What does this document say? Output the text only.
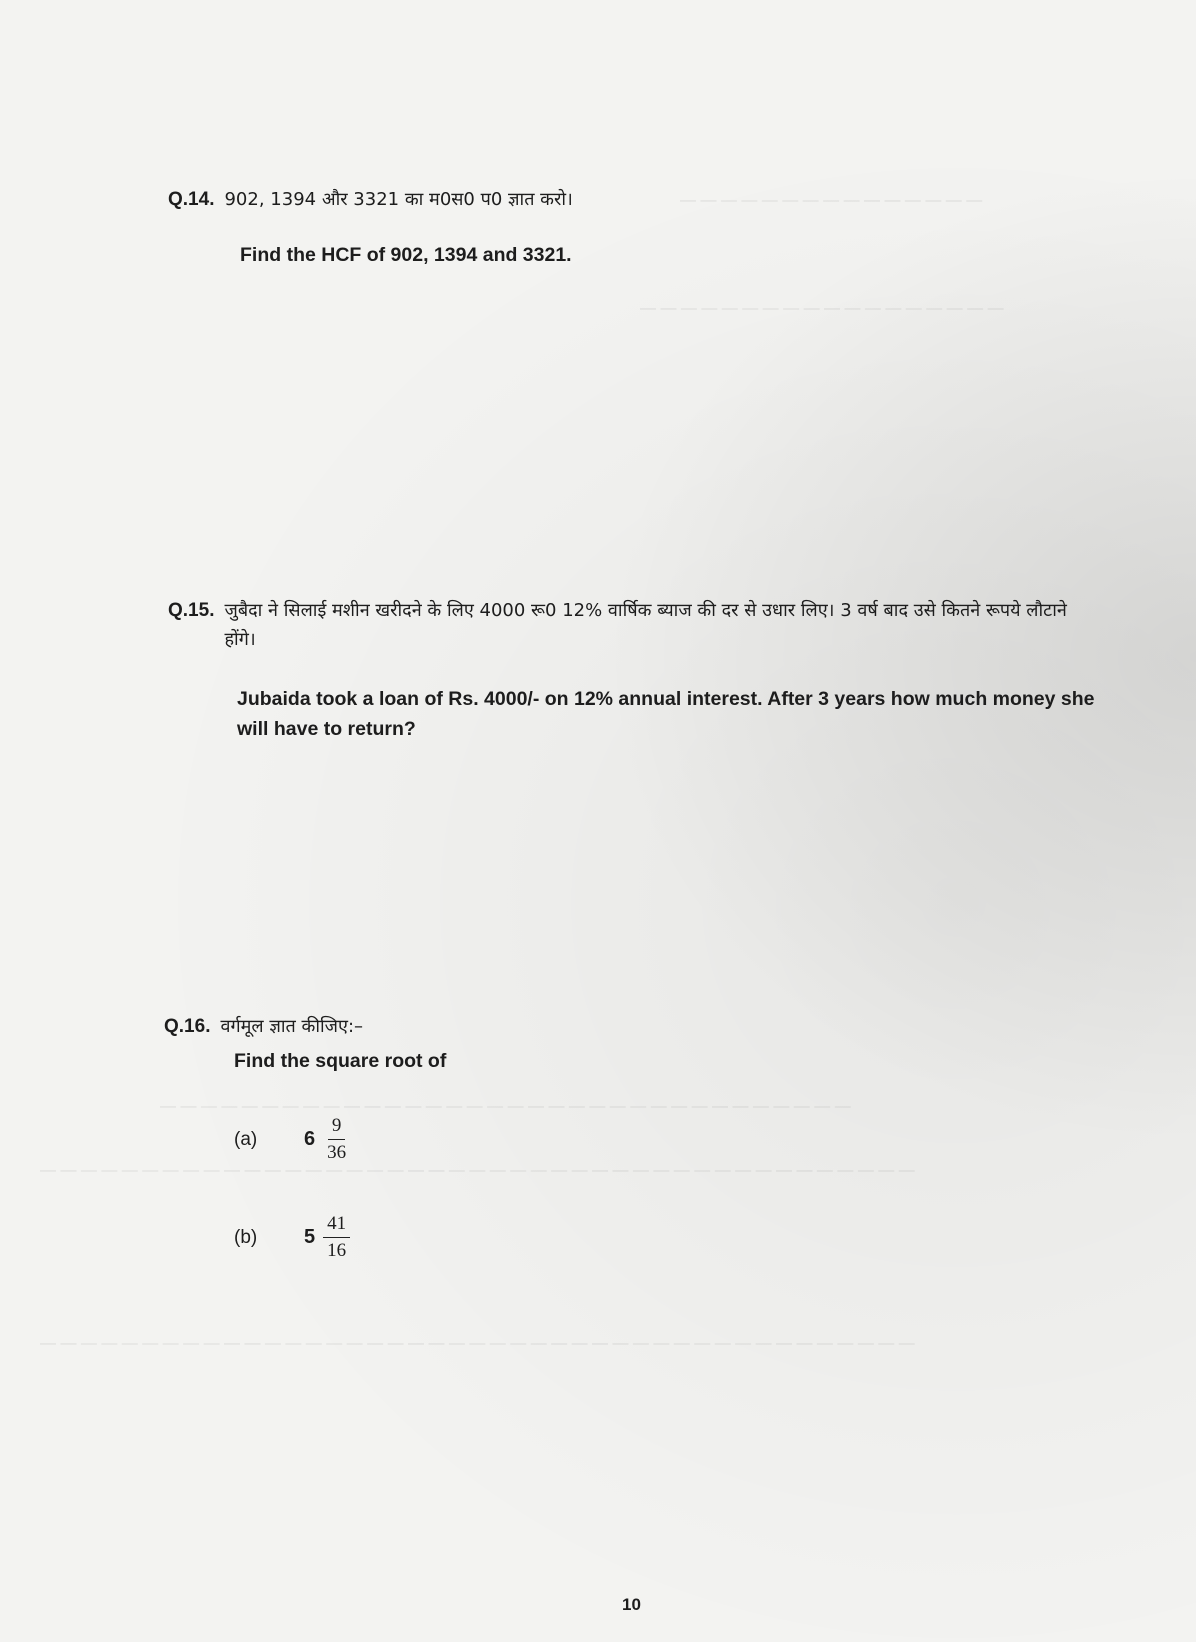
— — — — — — — — — — — — — — —
— — — — — — — — — — — — — — — — — —
— — — — — — — — — — — — — — — — — — — — — — — — — — — — — — — — — —
— — — — — — — — — — — — — — — — — — — — — — — — — — — — — — — — — — — — — — — — — — —
— — — — — — — — — — — — — — — — — — — — — — — — — — — — — — — — — — — — — — — — — — —
Q.14. 902, 1394 और 3321 का म0स0 प0 ज्ञात करो।
Find the HCF of 902, 1394 and 3321.
Q.15. जुबैदा ने सिलाई मशीन खरीदने के लिए 4000 रू0 12% वार्षिक ब्याज की दर से उधार लिए। 3 वर्ष बाद उसे कितने रूपये लौटाने होंगे।
Jubaida took a loan of Rs. 4000/- on 12% annual interest. After 3 years how much money she will have to return?
Q.16. वर्गमूल ज्ञात कीजिए:–
Find the square root of
(a)	$6 \frac{9}{36}$
(b)	$5 \frac{41}{16}$
10
